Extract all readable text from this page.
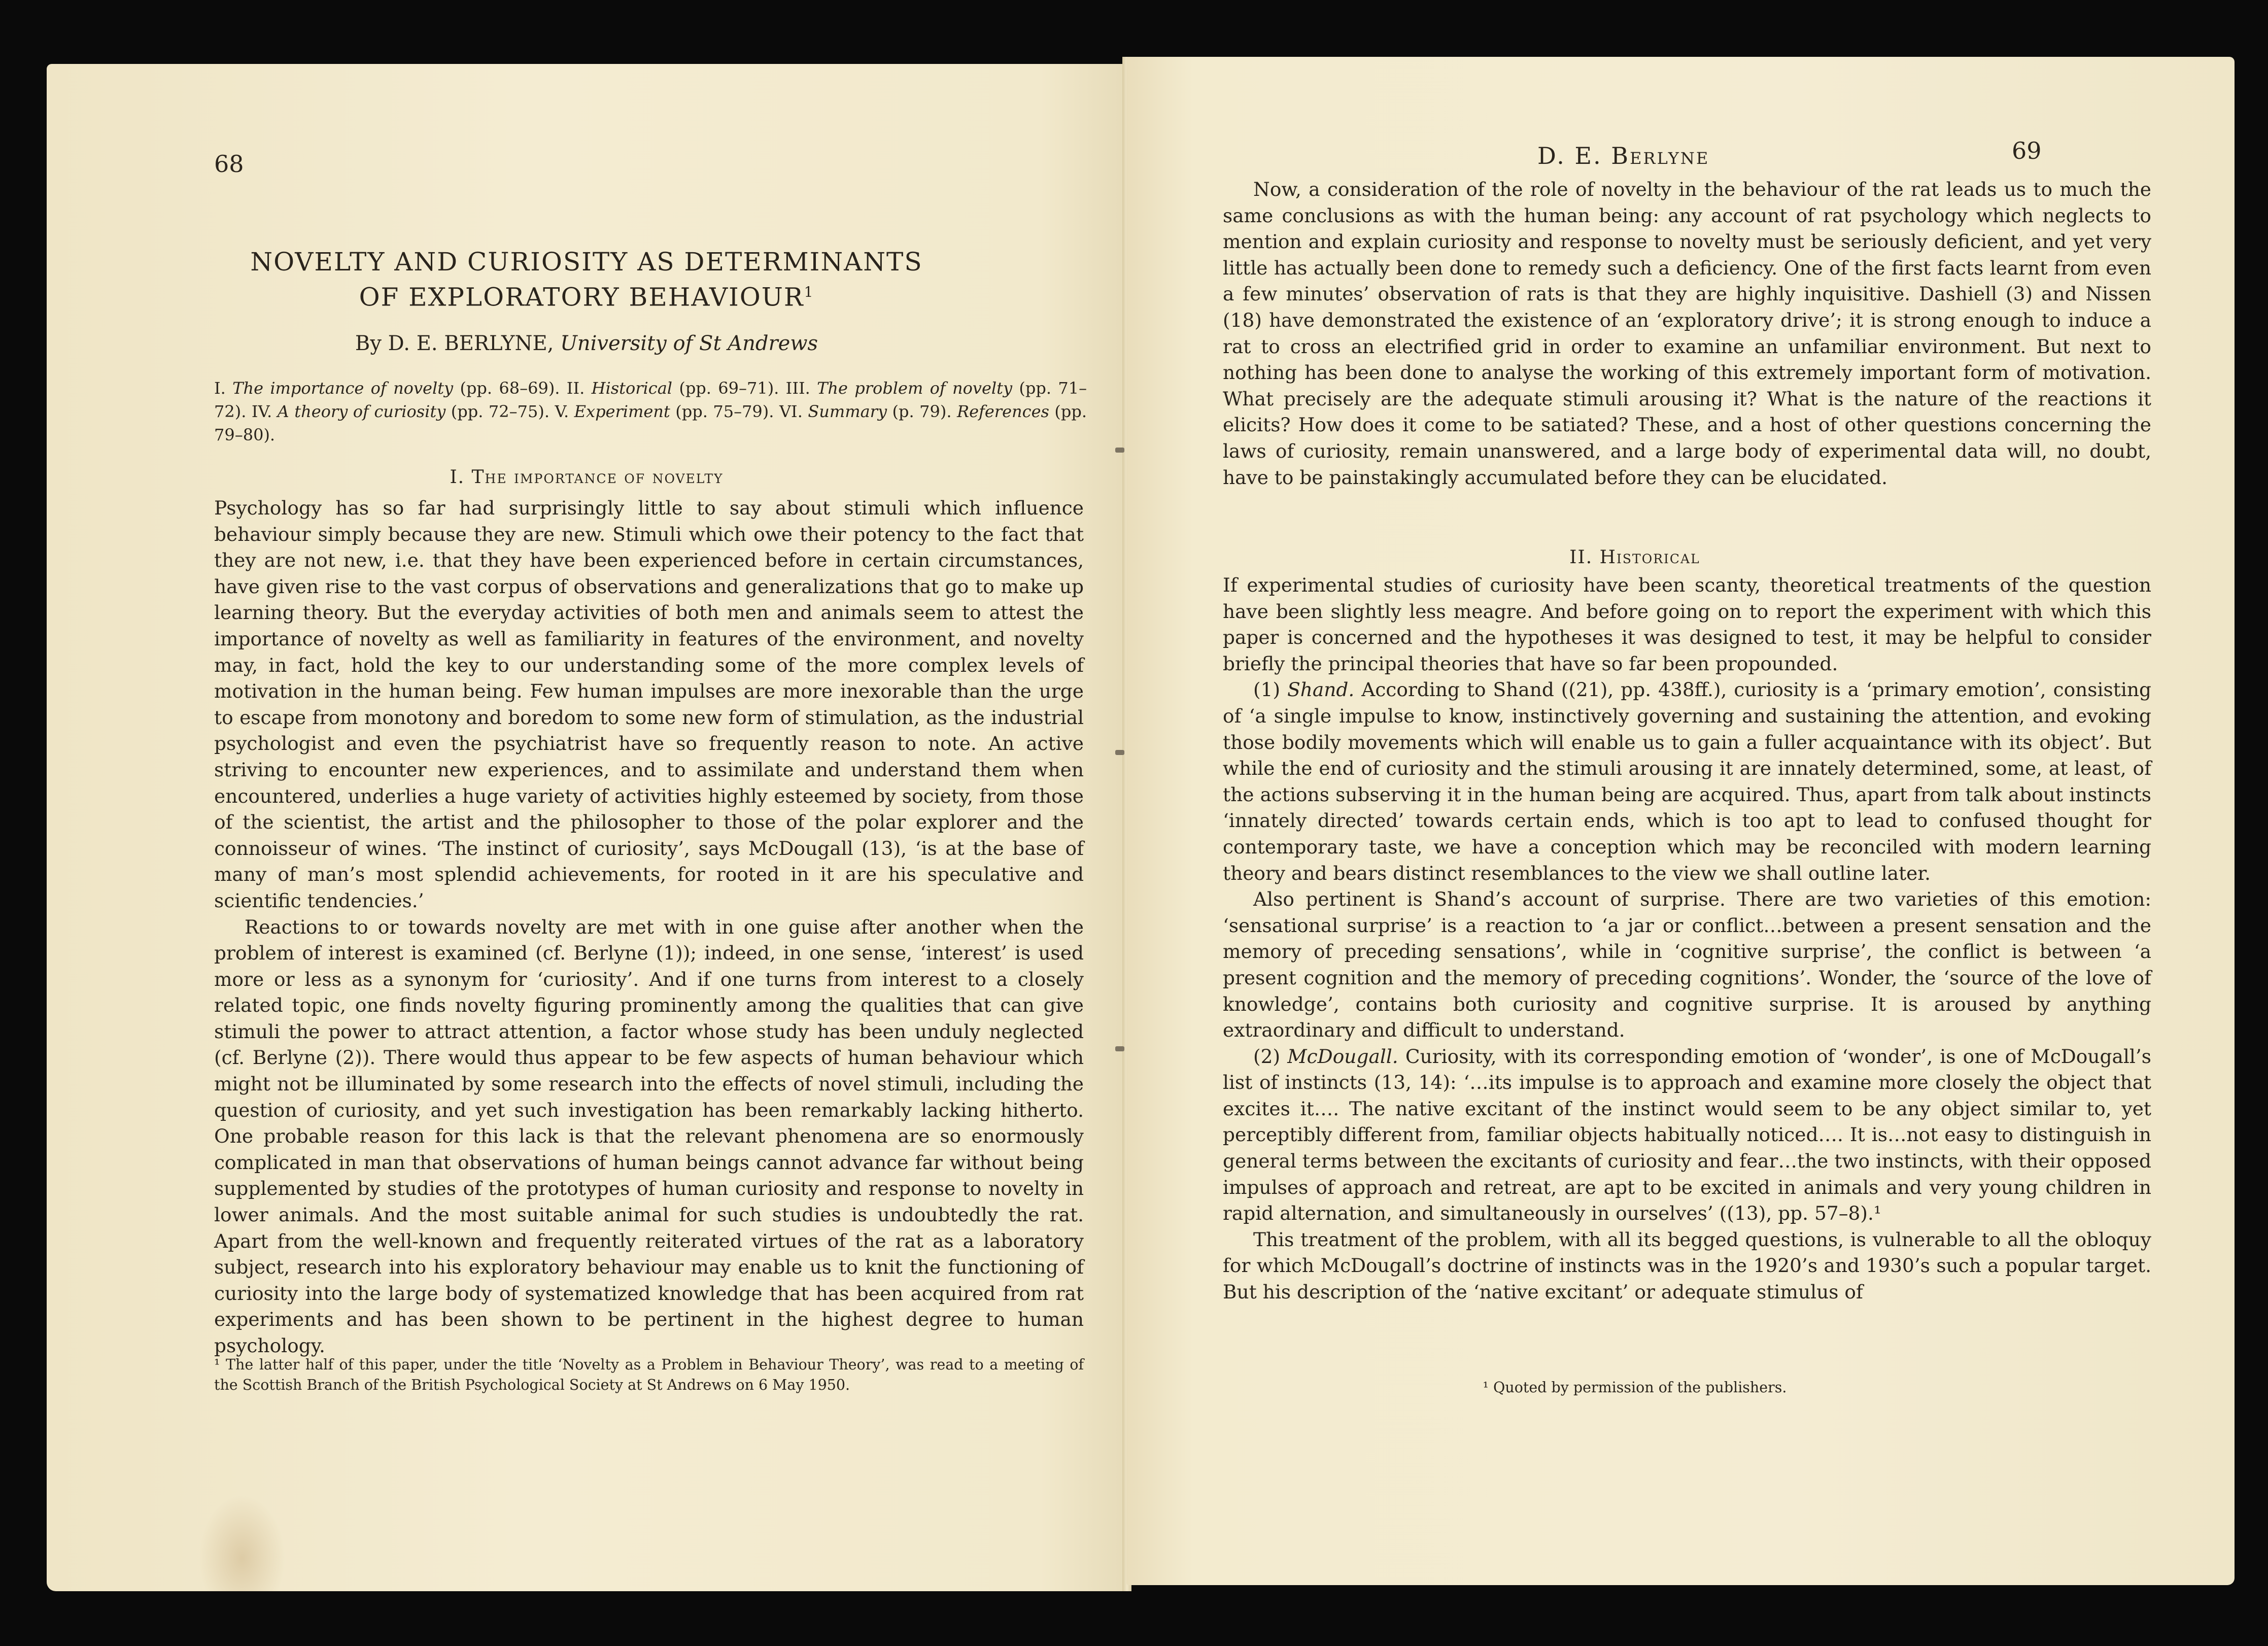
68
NOVELTY AND CURIOSITY AS DETERMINANTS
OF EXPLORATORY BEHAVIOUR$^1$
By D. E. BERLYNE, University of St Andrews
I. The importance of novelty (pp. 68–69). II. Historical (pp. 69–71). III. The problem of novelty (pp. 71–72). IV. A theory of curiosity (pp. 72–75). V. Experiment (pp. 75–79). VI. Summary (p. 79). References (pp. 79–80).
I. The importance of novelty

Psychology has so far had surprisingly little to say about stimuli which influence behaviour simply because they are new. Stimuli which owe their potency to the fact that they are not new, i.e. that they have been experienced before in certain circumstances, have given rise to the vast corpus of observations and generalizations that go to make up learning theory. But the everyday activities of both men and animals seem to attest the importance of novelty as well as familiarity in features of the environment, and novelty may, in fact, hold the key to our understanding some of the more complex levels of motivation in the human being. Few human impulses are more inexorable than the urge to escape from monotony and boredom to some new form of stimulation, as the industrial psychologist and even the psychiatrist have so frequently reason to note. An active striving to encounter new experiences, and to assimilate and understand them when encountered, underlies a huge variety of activities highly esteemed by society, from those of the scientist, the artist and the philosopher to those of the polar explorer and the connoisseur of wines. ‘The instinct of curiosity’, says McDougall (13), ‘is at the base of many of man’s most splendid achievements, for rooted in it are his speculative and scientific tendencies.’

Reactions to or towards novelty are met with in one guise after another when the problem of interest is examined (cf. Berlyne (1)); indeed, in one sense, ‘interest’ is used more or less as a synonym for ‘curiosity’. And if one turns from interest to a closely related topic, one finds novelty figuring prominently among the qualities that can give stimuli the power to attract attention, a factor whose study has been unduly neglected (cf. Berlyne (2)). There would thus appear to be few aspects of human behaviour which might not be illuminated by some research into the effects of novel stimuli, including the question of curiosity, and yet such investigation has been remarkably lacking hitherto. One probable reason for this lack is that the relevant phenomena are so enormously complicated in man that observations of human beings cannot advance far without being supplemented by studies of the prototypes of human curiosity and response to novelty in lower animals. And the most suitable animal for such studies is undoubtedly the rat. Apart from the well-known and frequently reiterated virtues of the rat as a laboratory subject, research into his exploratory behaviour may enable us to knit the functioning of curiosity into the large body of systematized knowledge that has been acquired from rat experiments and has been shown to be pertinent in the highest degree to human psychology.

¹ The latter half of this paper, under the title ‘Novelty as a Problem in Behaviour Theory’, was read to a meeting of the Scottish Branch of the British Psychological Society at St Andrews on 6 May 1950.
D. E. Berlyne	69

Now, a consideration of the role of novelty in the behaviour of the rat leads us to much the same conclusions as with the human being: any account of rat psychology which neglects to mention and explain curiosity and response to novelty must be seriously deficient, and yet very little has actually been done to remedy such a deficiency. One of the first facts learnt from even a few minutes’ observation of rats is that they are highly inquisitive. Dashiell (3) and Nissen (18) have demonstrated the existence of an ‘exploratory drive’; it is strong enough to induce a rat to cross an electrified grid in order to examine an unfamiliar environment. But next to nothing has been done to analyse the working of this extremely important form of motivation. What precisely are the adequate stimuli arousing it? What is the nature of the reactions it elicits? How does it come to be satiated? These, and a host of other questions concerning the laws of curiosity, remain unanswered, and a large body of experimental data will, no doubt, have to be painstakingly accumulated before they can be elucidated.

II. Historical

If experimental studies of curiosity have been scanty, theoretical treatments of the question have been slightly less meagre. And before going on to report the experiment with which this paper is concerned and the hypotheses it was designed to test, it may be helpful to consider briefly the principal theories that have so far been propounded.

(1) Shand. According to Shand ((21), pp. 438ff.), curiosity is a ‘primary emotion’, consisting of ‘a single impulse to know, instinctively governing and sustaining the attention, and evoking those bodily movements which will enable us to gain a fuller acquaintance with its object’. But while the end of curiosity and the stimuli arousing it are innately determined, some, at least, of the actions subserving it in the human being are acquired. Thus, apart from talk about instincts ‘innately directed’ towards certain ends, which is too apt to lead to confused thought for contemporary taste, we have a conception which may be reconciled with modern learning theory and bears distinct resemblances to the view we shall outline later.

Also pertinent is Shand’s account of surprise. There are two varieties of this emotion: ‘sensational surprise’ is a reaction to ‘a jar or conflict…between a present sensation and the memory of preceding sensations’, while in ‘cognitive surprise’, the conflict is between ‘a present cognition and the memory of preceding cognitions’. Wonder, the ‘source of the love of knowledge’, contains both curiosity and cognitive surprise. It is aroused by anything extraordinary and difficult to understand.

(2) McDougall. Curiosity, with its corresponding emotion of ‘wonder’, is one of McDougall’s list of instincts (13, 14): ‘…its impulse is to approach and examine more closely the object that excites it…. The native excitant of the instinct would seem to be any object similar to, yet perceptibly different from, familiar objects habitually noticed…. It is…not easy to distinguish in general terms between the excitants of curiosity and fear…the two instincts, with their opposed impulses of approach and retreat, are apt to be excited in animals and very young children in rapid alternation, and simultaneously in ourselves’ ((13), pp. 57–8).¹

This treatment of the problem, with all its begged questions, is vulnerable to all the obloquy for which McDougall’s doctrine of instincts was in the 1920’s and 1930’s such a popular target. But his description of the ‘native excitant’ or adequate stimulus of

¹ Quoted by permission of the publishers.
